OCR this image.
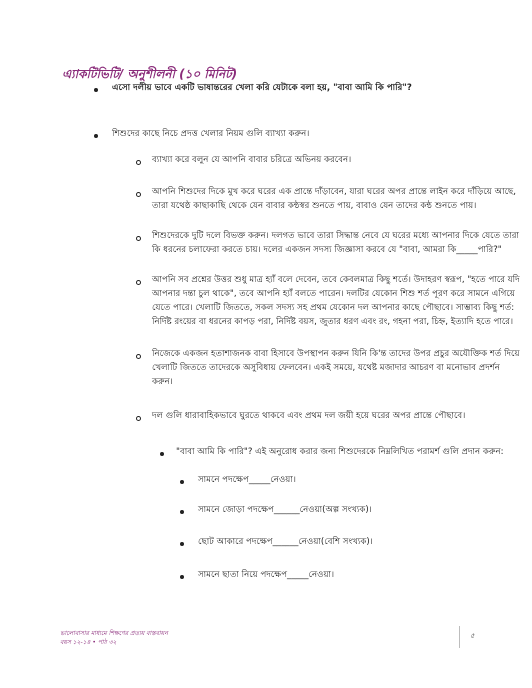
এ্যাকটিভিটি/ অনুশীলনী (১০ মিনিট)
এসো দলীয় ভাবে একটি ভাষান্তরের খেলা করি যেটাকে বলা হয়, "বাবা আমি কি পারি"?
শিশুদের কাছে নিচে প্রদত্ত খেলার নিয়ম গুলি ব্যাখ্যা করুন।
ব্যাখ্যা করে বলুন যে আপনি বাবার চরিত্রে অভিনয় করবেন।
আপনি শিশুদের দিকে মুখ করে ঘরের এক প্রান্তে দাঁড়াবেন, যারা ঘরের অপর প্রান্তে লাইন করে দাঁড়িয়ে আছে,
তারা যথেষ্ঠ কাছাকাছি থেকে যেন বাবার কন্ঠস্বর শুনতে পায়, বাবাও যেন তাদের কন্ঠ শুনতে পায়।
শিশুদেরকে দুটি দলে বিভক্ত করুন। দলগত ভাবে তারা সিদ্ধান্ত নেবে যে ঘরের মধ্যে আপনার দিকে যেতে তারা
কি ধরনের চলাফেরা করতে চায়। দলের একজন সদস্য জিজ্ঞাসা করবে যে "বাবা, আমরা কি_____পারি?"
আপনি সব প্রশ্নের উত্তর শুধু মাত্র হ্যাঁ বলে দেবেন, তবে কেবলমাত্র কিছু শর্তে। উদাহরণ স্বরূপ, "হতে পারে যদি
আপনার দন্তা চুল থাকে", তবে আপনি হ্যাঁ বলতে পারেন। দলটির যেকোন শিশু শর্ত পূরণ করে সামনে এগিয়ে
যেতে পারে। খেলাটি জিততে, সকল সদস্য সহ প্রথম যেকোন দল আপনার কাছে পৌছাবে। সাম্ভাব্য কিছু শর্ত:
নির্দিষ্ট রংয়ের বা ধরনের কাপড় পরা, নির্দিষ্ট বয়স, জুতার ধরণ এবং রং, গহনা পরা, চিহ্ন, ইত্যাদি হতে পারে।
নিজেকে একজন হতাশাজনক বাবা হিসাবে উপস্থাপন করুন যিনি কি'ন্ত তাদের উপর প্রচুর অযৌক্তিক শর্ত দিয়ে
খেলাটি জিততে তাদেরকে অসুবিধায় ফেলবেন। একই সময়ে, যথেষ্ট মজাদার আচরণ বা মনোভাব প্রদর্শন
করুন।
দল গুলি ধারাবাহিকভাবে ঘুরতে থাকবে এবং প্রথম দল জয়ী হয়ে ঘরের অপর প্রান্তে পৌছাবে।
"বাবা আমি কি পারি"? এই অনুরোধ করার জন্য শিশুদেরকে নিম্নলিখিত পরামর্শ গুলি প্রদান করুন:
সামনে পদক্ষেপ_____নেওয়া।
সামনে জোড়া পদক্ষেপ______নেওয়া(অল্প সংখ্যক)।
ছোট আকারে পদক্ষেপ______নেওয়া(বেশি সংখ্যক)।
সামনে ছাতা নিয়ে পদক্ষেপ_____নেওয়া।
ভালোবাসার মাধ্যমে শিক্ষণের প্রত্যয় বাস্তবায়ন
বয়স ১২-১৪ • পাঠ ৩২
৫
